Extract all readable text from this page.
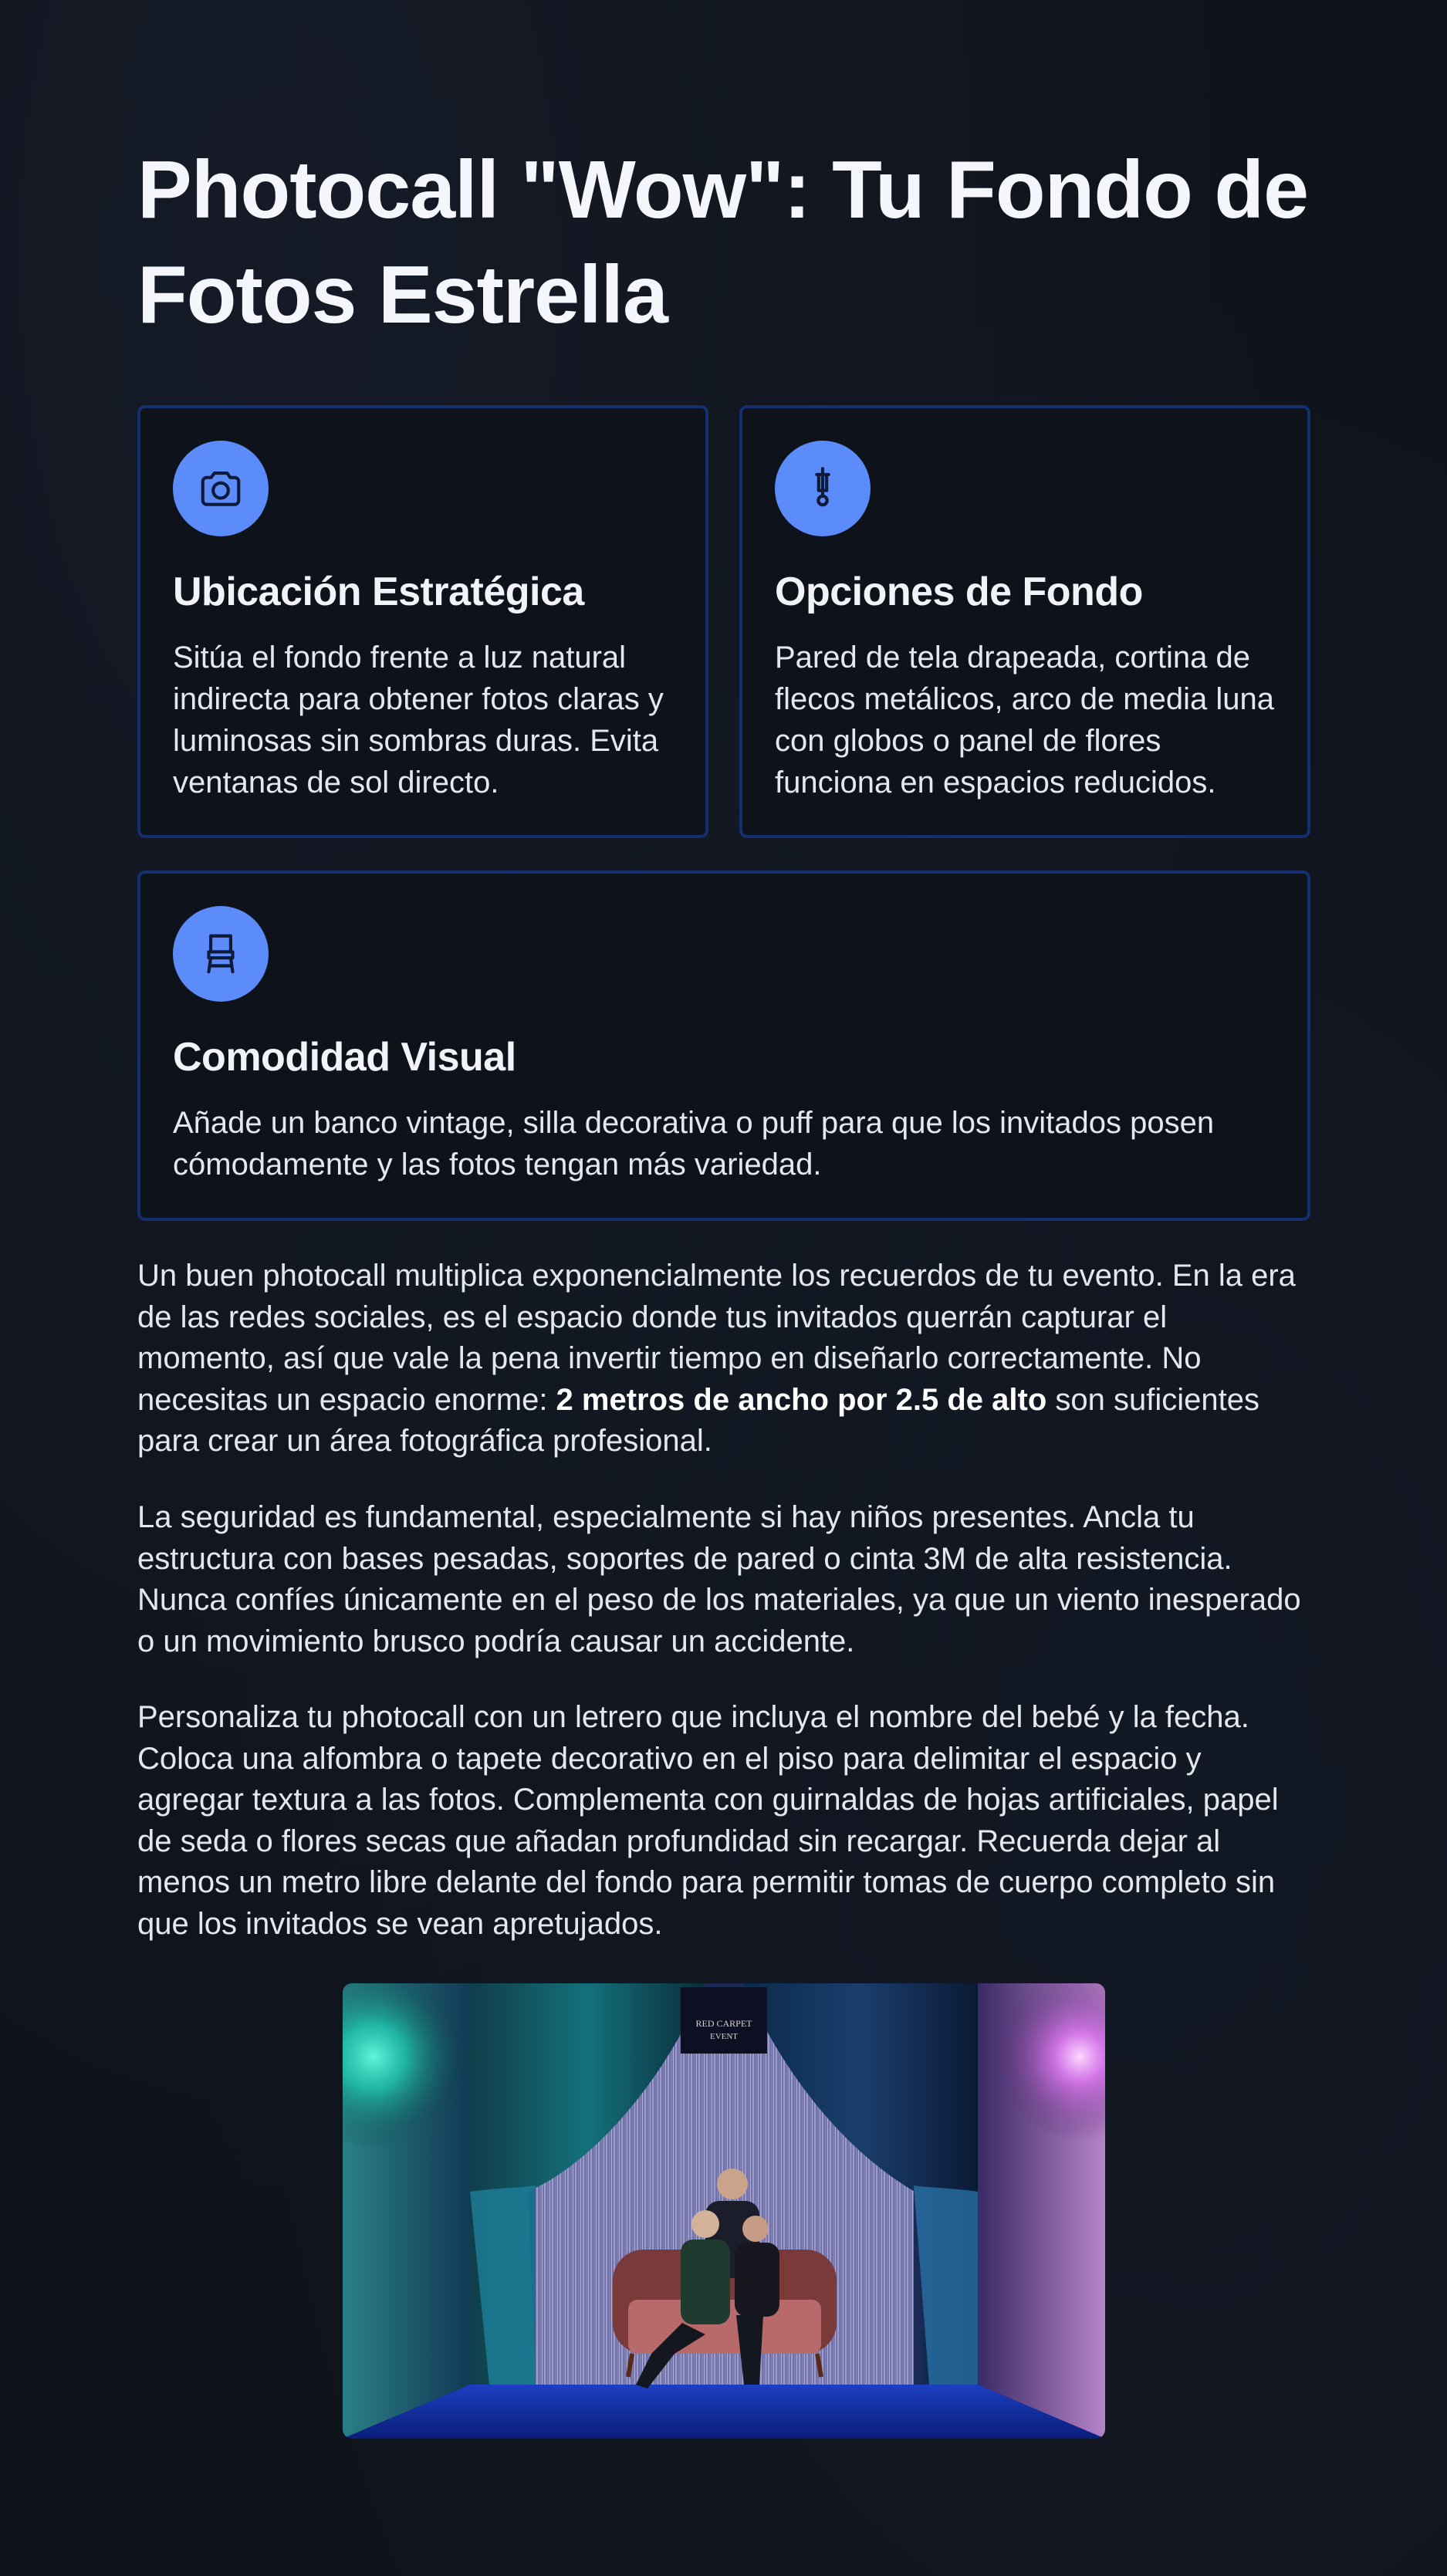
Photocall "Wow": Tu Fondo de Fotos Estrella
Ubicación Estratégica

Sitúa el fondo frente a luz natural indirecta para obtener fotos claras y luminosas sin sombras duras. Evita ventanas de sol directo.

Opciones de Fondo

Pared de tela drapeada, cortina de flecos metálicos, arco de media luna con globos o panel de flores funciona en espacios reducidos.

Comodidad Visual

Añade un banco vintage, silla decorativa o puff para que los invitados posen cómodamente y las fotos tengan más variedad.

Un buen photocall multiplica exponencialmente los recuerdos de tu evento. En la era de las redes sociales, es el espacio donde tus invitados querrán capturar el momento, así que vale la pena invertir tiempo en diseñarlo correctamente. No necesitas un espacio enorme: 2 metros de ancho por 2.5 de alto son suficientes para crear un área fotográfica profesional.

La seguridad es fundamental, especialmente si hay niños presentes. Ancla tu estructura con bases pesadas, soportes de pared o cinta 3M de alta resistencia. Nunca confíes únicamente en el peso de los materiales, ya que un viento inesperado o un movimiento brusco podría causar un accidente.

Personaliza tu photocall con un letrero que incluya el nombre del bebé y la fecha. Coloca una alfombra o tapete decorativo en el piso para delimitar el espacio y agregar textura a las fotos. Complementa con guirnaldas de hojas artificiales, papel de seda o flores secas que añadan profundidad sin recargar. Recuerda dejar al menos un metro libre delante del fondo para permitir tomas de cuerpo completo sin que los invitados se vean apretujados.

RED CARPET
EVENT
